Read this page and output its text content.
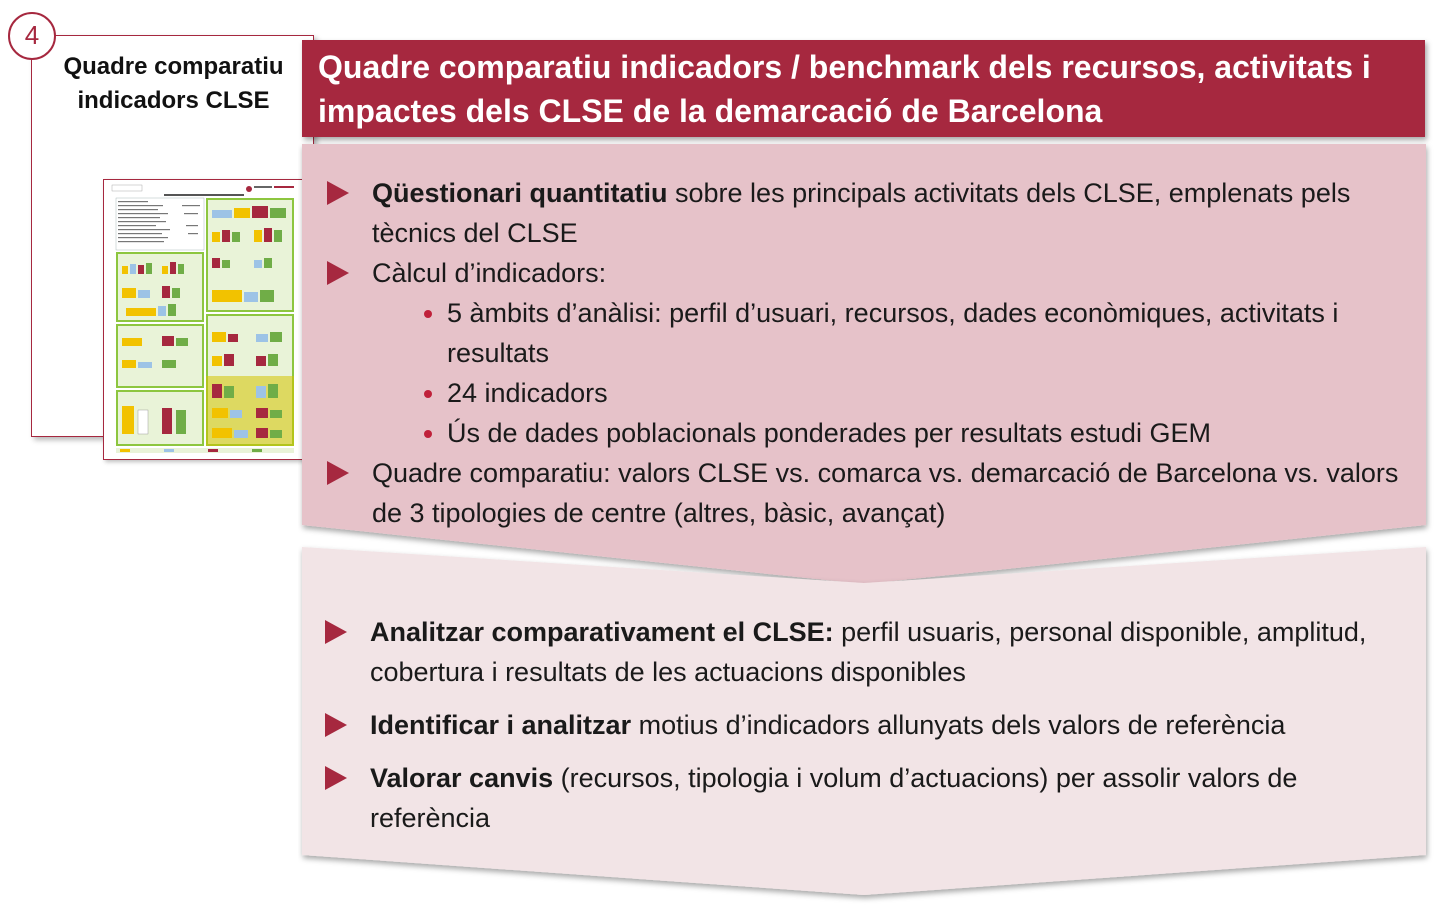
Quadre comparatiu
indicadors CLSE
4
Quadre comparatiu indicadors / benchmark dels recursos, activitats i
impactes dels CLSE de la demarcació de Barcelona
Qüestionari quantitatiu sobre les principals activitats dels CLSE, emplenats pels tècnics del CLSE
Càlcul d’indicadors:
5 àmbits d’anàlisi: perfil d’usuari, recursos, dades econòmiques, activitats i resultats
24 indicadors
Ús de dades poblacionals ponderades per resultats estudi GEM
Quadre comparatiu: valors CLSE vs. comarca vs. demarcació de Barcelona vs. valors de 3 tipologies de centre (altres, bàsic, avançat)
Analitzar comparativament el CLSE: perfil usuaris, personal disponible, amplitud, cobertura i resultats de les actuacions disponibles
Identificar i analitzar motius d’indicadors allunyats dels valors de referència
Valorar canvis (recursos, tipologia i volum d’actuacions) per assolir valors de referència
